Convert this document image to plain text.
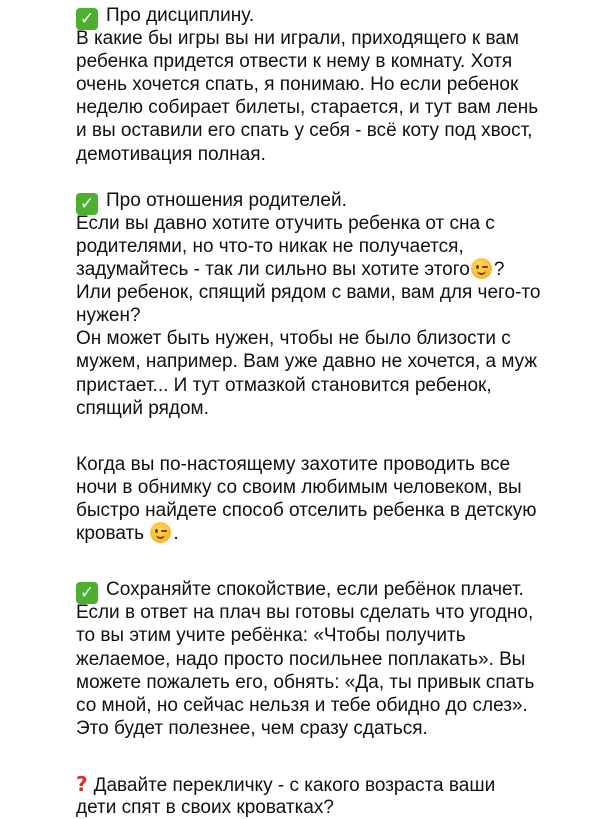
✓ Про дисциплину.
В какие бы игры вы ни играли, приходящего к вам
ребенка придется отвести к нему в комнату. Хотя
очень хочется спать, я понимаю. Но если ребенок
неделю собирает билеты, старается, и тут вам лень
и вы оставили его спать у себя - всё коту под хвост,
демотивация полная.
✓ Про отношения родителей.
Если вы давно хотите отучить ребенка от сна с
родителями, но что-то никак не получается,
задумайтесь - так ли сильно вы хотите этого ?
Или ребенок, спящий рядом с вами, вам для чего-то
нужен?
Он может быть нужен, чтобы не было близости с
мужем, например. Вам уже давно не хочется, а муж
пристает... И тут отмазкой становится ребенок,
спящий рядом.
Когда вы по-настоящему захотите проводить все
ночи в обнимку со своим любимым человеком, вы
быстро найдете способ отселить ребенка в детскую
кровать
.
✓ Сохраняйте спокойствие, если ребёнок плачет.
Если в ответ на плач вы готовы сделать что угодно,
то вы этим учите ребёнка: «Чтобы получить
желаемое, надо просто посильнее поплакать». Вы
можете пожалеть его, обнять: «Да, ты привык спать
со мной, но сейчас нельзя и тебе обидно до слез».
Это будет полезнее, чем сразу сдаться.
? Давайте перекличку - с какого возраста ваши
дети спят в своих кроватках?
